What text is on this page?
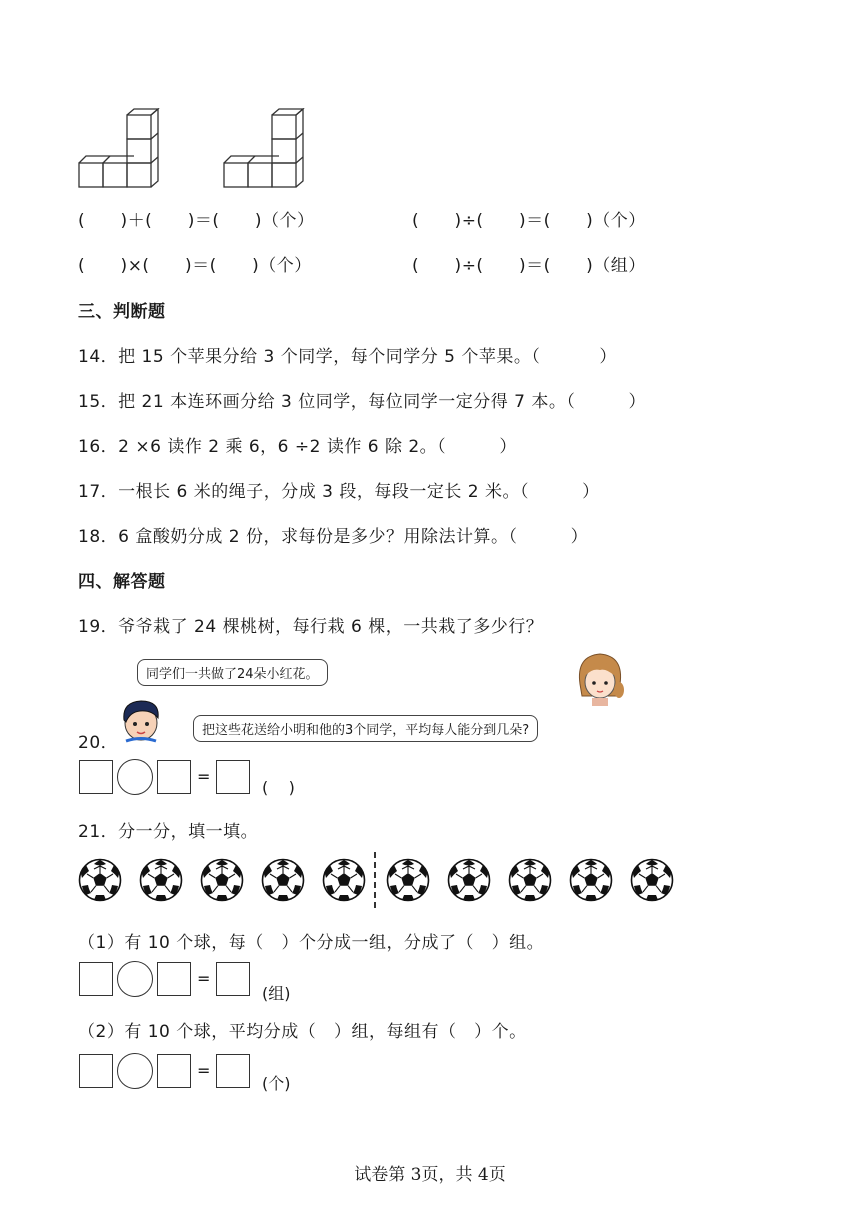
(      )＋(      )＝(      )（个）	(      )÷(      )＝(      )（个）
(      )×(      )＝(      )（个）	(      )÷(      )＝(      )（组）
三、判断题
14．把 15 个苹果分给 3 个同学，每个同学分 5 个苹果。（          ）
15．把 21 本连环画分给 3 位同学，每位同学一定分得 7 本。（         ）
16．2 ×6 读作 2 乘 6，6 ÷2 读作 6 除 2。（         ）
17．一根长 6 米的绳子，分成 3 段，每段一定长 2 米。（         ）
18．6 盒酸奶分成 2 份，求每份是多少？用除法计算。（         ）
四、解答题
19．爷爷栽了 24 棵桃树，每行栽 6 棵，一共栽了多少行？
同学们一共做了24朵小红花。
把这些花送给小明和他的3个同学，平均每人能分到几朵?
20．
=
(    )
21．分一分，填一填。
（1）有 10 个球，每（   ）个分成一组，分成了（   ）组。
=
(组)
（2）有 10 个球，平均分成（   ）组，每组有（   ）个。
=
(个)
试卷第 3页，共 4页
